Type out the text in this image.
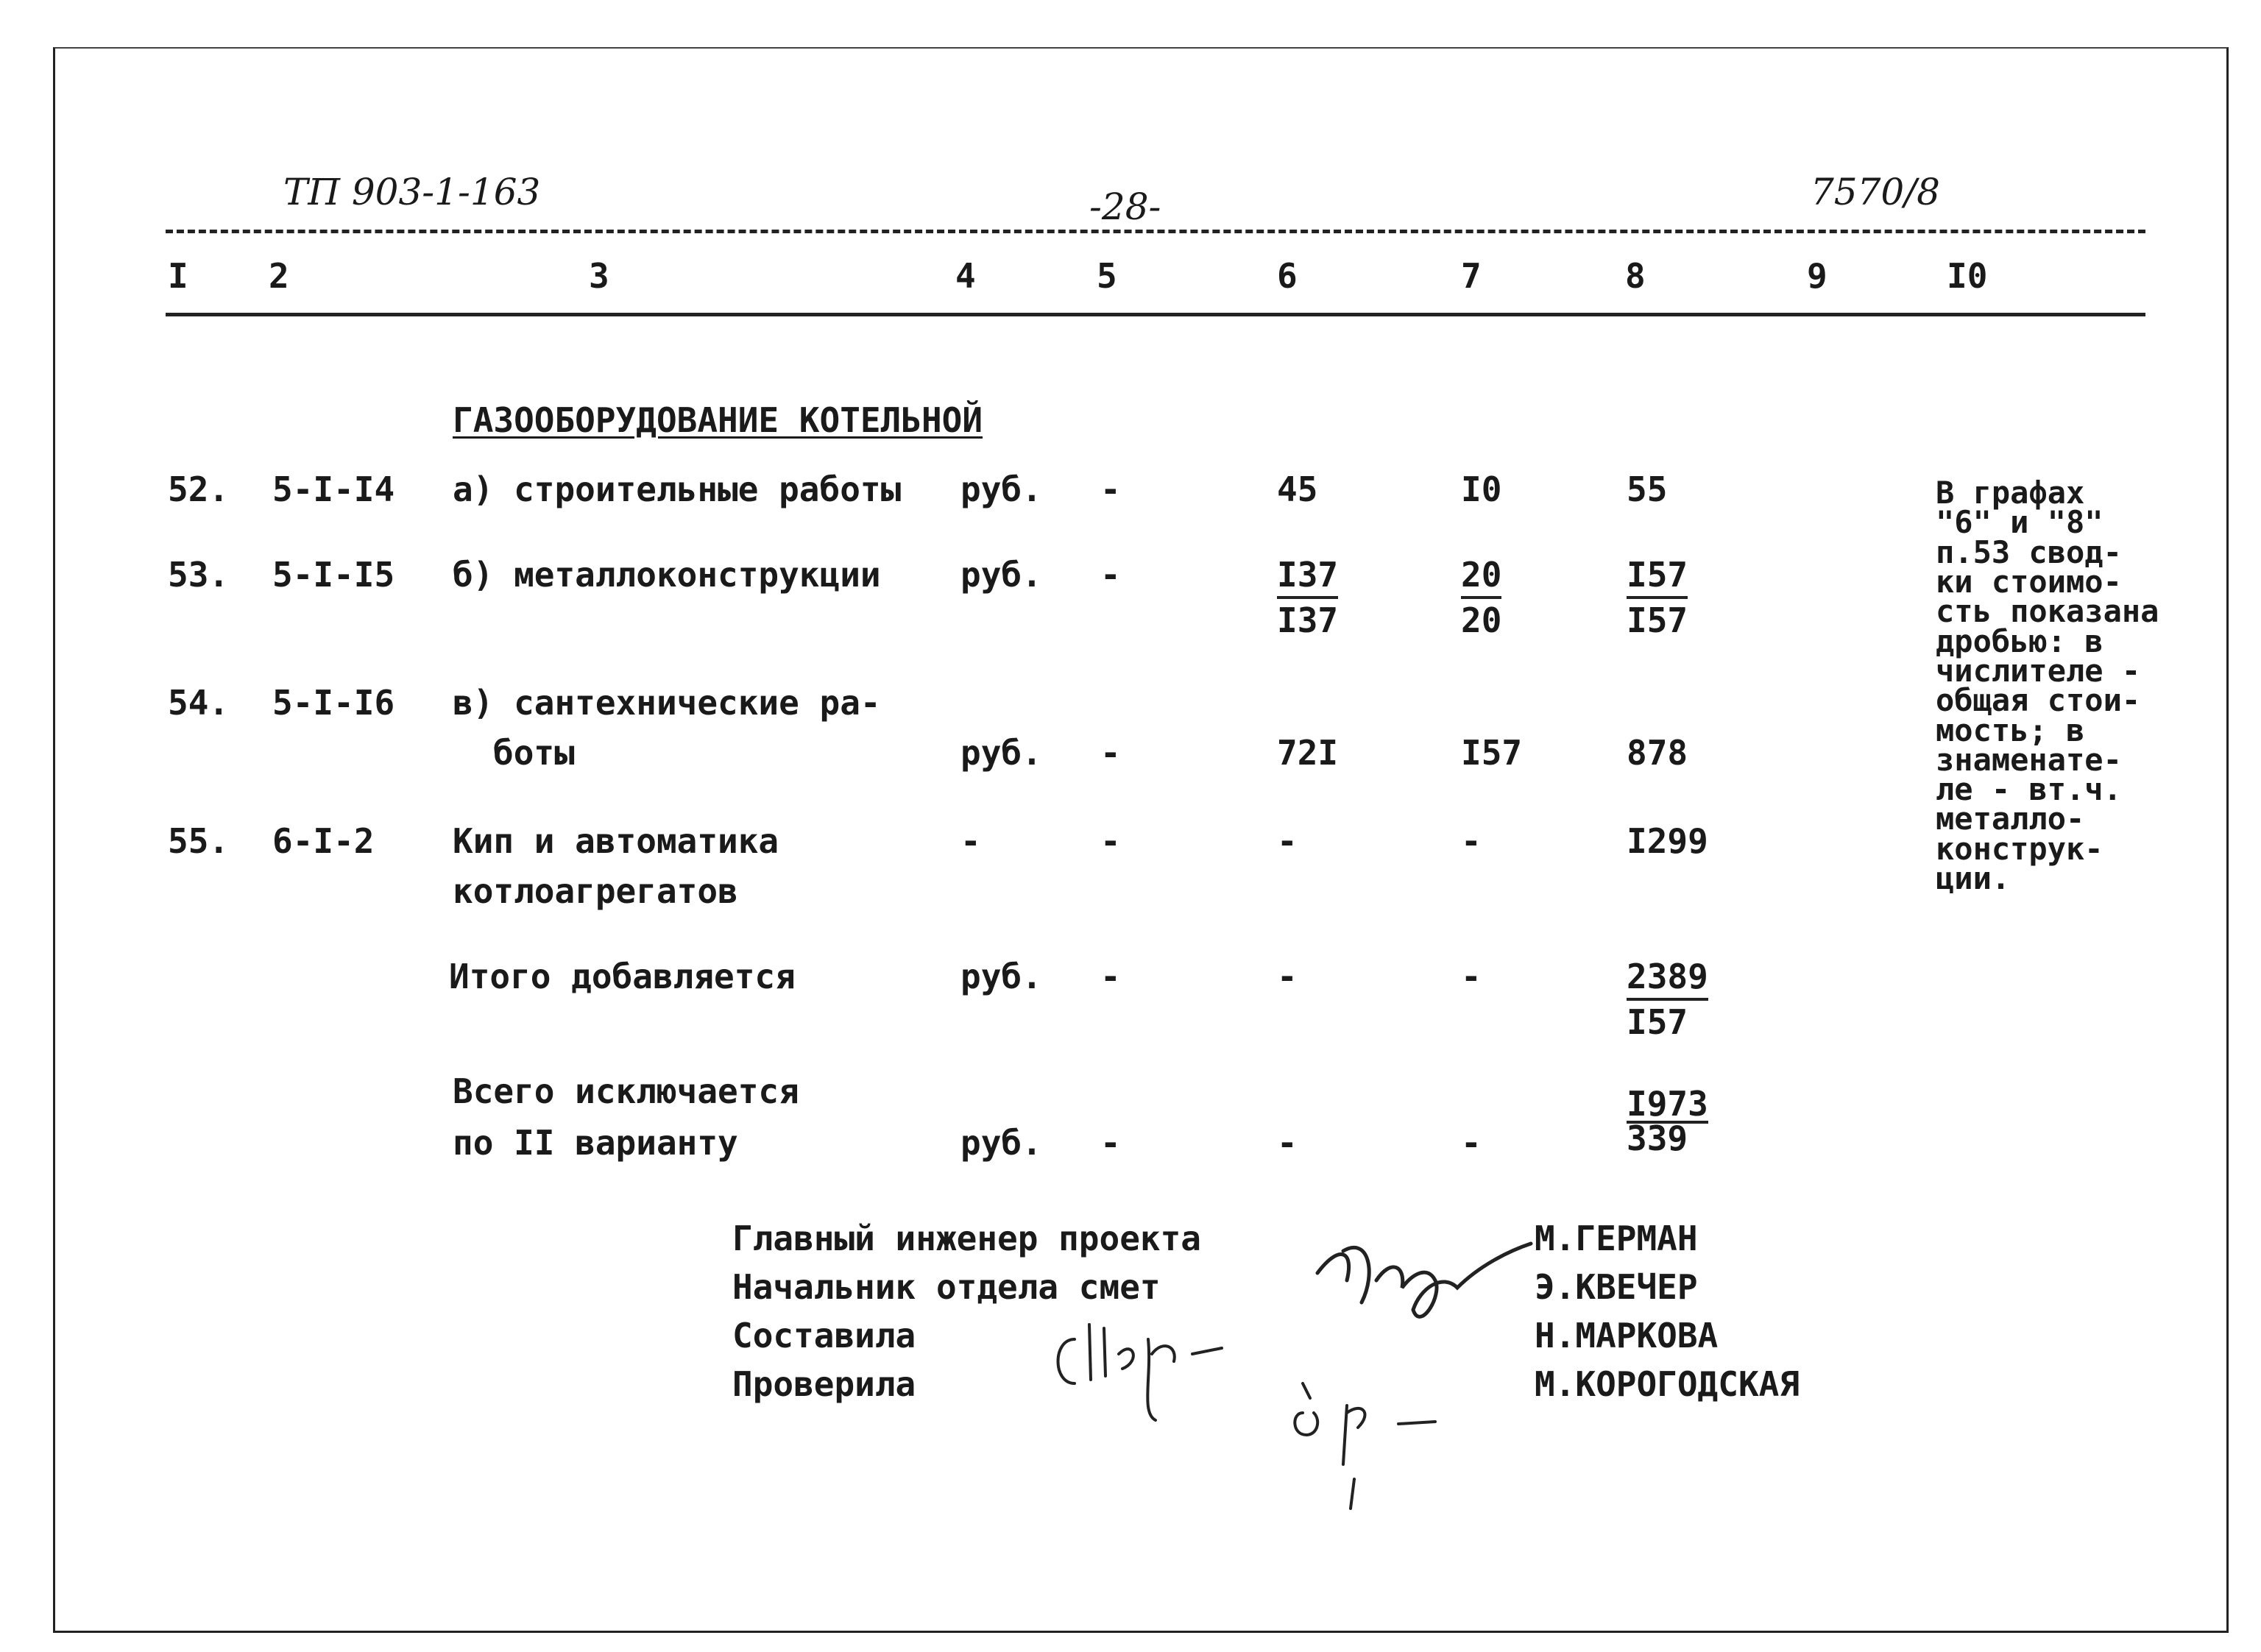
ТП 903-1-163	-28-	7570/8
I 2	3	4	5	6	7	8	9	I0
ГАЗООБОРУДОВАНИЕ КОТЕЛЬНОЙ
52. 5-I-I4 а) строительные работы руб. -	45	I0	55
53. 5-I-I5 б) металлоконструкции руб. -	$\frac{I37}{I37}$	$\frac{20}{20}$	$\frac{I57}{I57}$
54. 5-I-I6 в) сантехнические ра-
боты	руб. -	72I	I57	878
55. 6-I-2 Кип и автоматика
котлоагрегатов
-	-	-	-	I299
Итого добавляется	руб. -	-	-	$\frac{2389}{I57}$
Всего исключается
по II варианту	руб. -	-	-	$\frac{I973}{339}$
В графах
"6" и "8"
п.53 свод-
ки стоимо-
сть показана
дробью: в
числителе -
общая стои-
мость; в
знаменате-
ле - вт.ч.
металло-
конструк-
ции.
Главный инженер проекта
Начальник отдела смет
Составила
Проверила
М.ГЕРМАН
Э.КВЕЧЕР
Н.МАРКОВА
М.КОРОГОДСКАЯ
